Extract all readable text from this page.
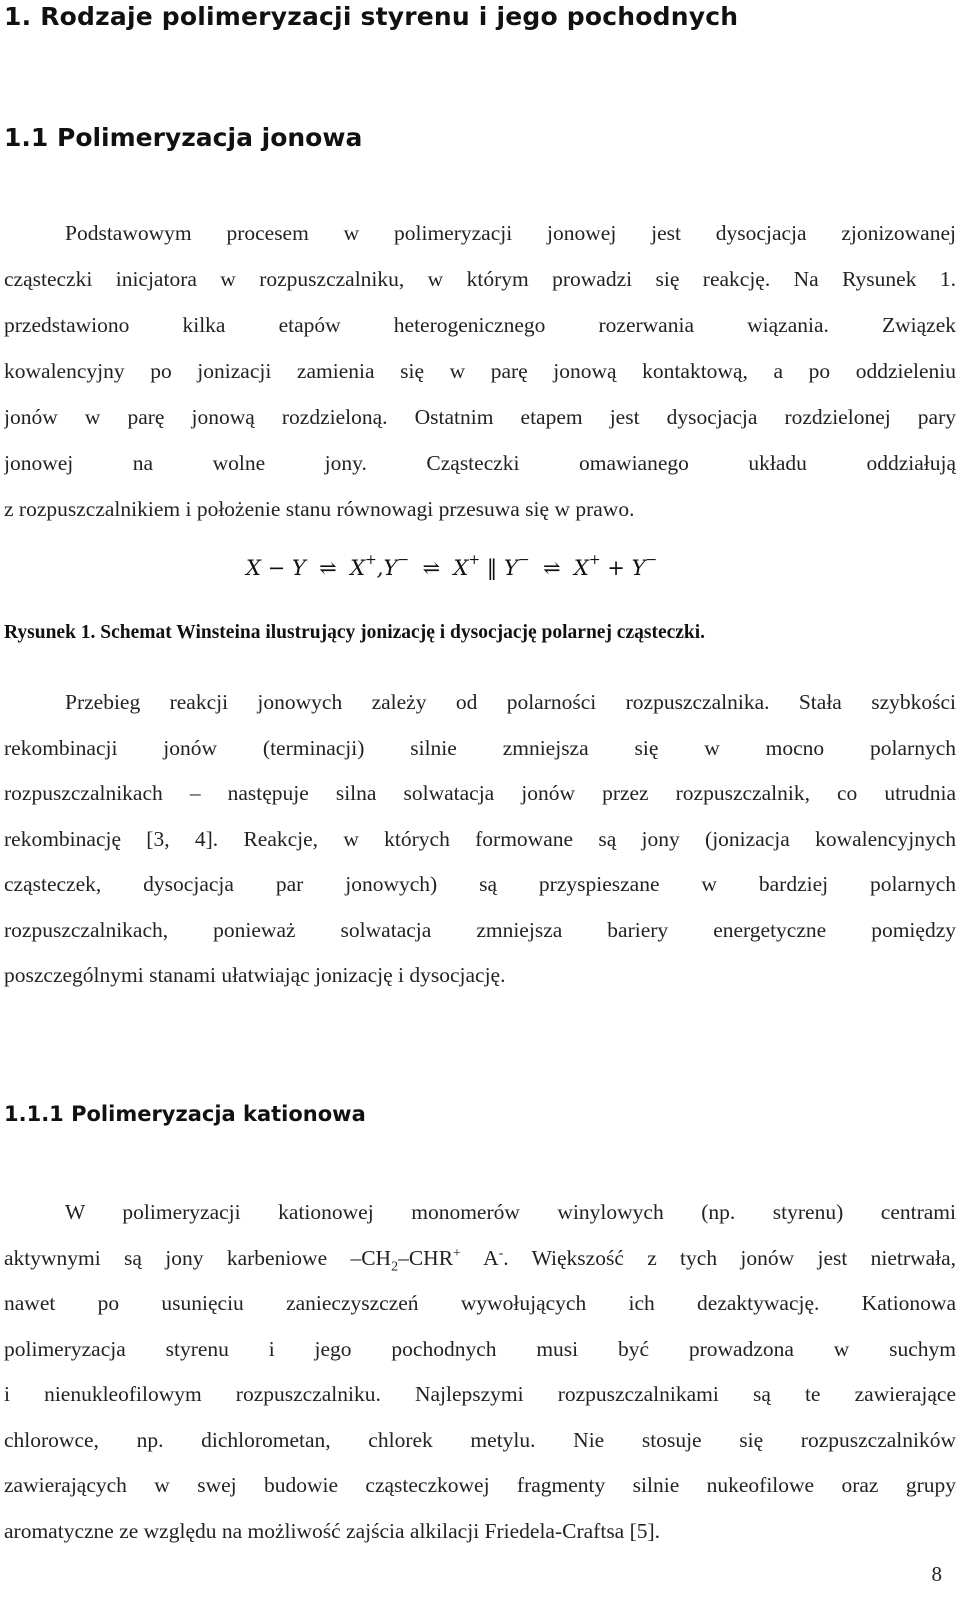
1. Rodzaje polimeryzacji styrenu i jego pochodnych
1.1 Polimeryzacja jonowa
Podstawowym procesem w polimeryzacji jonowej jest dysocjacja zjonizowanej
cząsteczki inicjatora w rozpuszczalniku, w którym prowadzi się reakcję. Na Rysunek 1.
przedstawiono kilka etapów heterogenicznego rozerwania wiązania. Związek
kowalencyjny po jonizacji zamienia się w parę jonową kontaktową, a po oddzieleniu
jonów w parę jonową rozdzieloną. Ostatnim etapem jest dysocjacja rozdzielonej pary
jonowej na wolne jony. Cząsteczki omawianego układu oddziałują
z rozpuszczalnikiem i położenie stanu równowagi przesuwa się w prawo.
X − Y ⇌ X+,Y− ⇌ X+ ‖ Y− ⇌ X+ + Y−

Rysunek 1. Schemat Winsteina ilustrujący jonizację i dysocjację polarnej cząsteczki.

Przebieg reakcji jonowych zależy od polarności rozpuszczalnika. Stała szybkości
rekombinacji jonów (terminacji) silnie zmniejsza się w mocno polarnych
rozpuszczalnikach – następuje silna solwatacja jonów przez rozpuszczalnik, co utrudnia
rekombinację [3, 4]. Reakcje, w których formowane są jony (jonizacja kowalencyjnych
cząsteczek, dysocjacja par jonowych) są przyspieszane w bardziej polarnych
rozpuszczalnikach, ponieważ solwatacja zmniejsza bariery energetyczne pomiędzy
poszczególnymi stanami ułatwiając jonizację i dysocjację.
1.1.1 Polimeryzacja kationowa
W polimeryzacji kationowej monomerów winylowych (np. styrenu) centrami
aktywnymi są jony karbeniowe $-CH_2-CHR^+$ A-. Większość z tych jonów jest nietrwała,
nawet po usunięciu zanieczyszczeń wywołujących ich dezaktywację. Kationowa
polimeryzacja styrenu i jego pochodnych musi być prowadzona w suchym
i nienukleofilowym rozpuszczalniku. Najlepszymi rozpuszczalnikami są te zawierające
chlorowce, np. dichlorometan, chlorek metylu. Nie stosuje się rozpuszczalników
zawierających w swej budowie cząsteczkowej fragmenty silnie nukeofilowe oraz grupy
aromatyczne ze względu na możliwość zajścia alkilacji Friedela-Craftsa [5].
8
